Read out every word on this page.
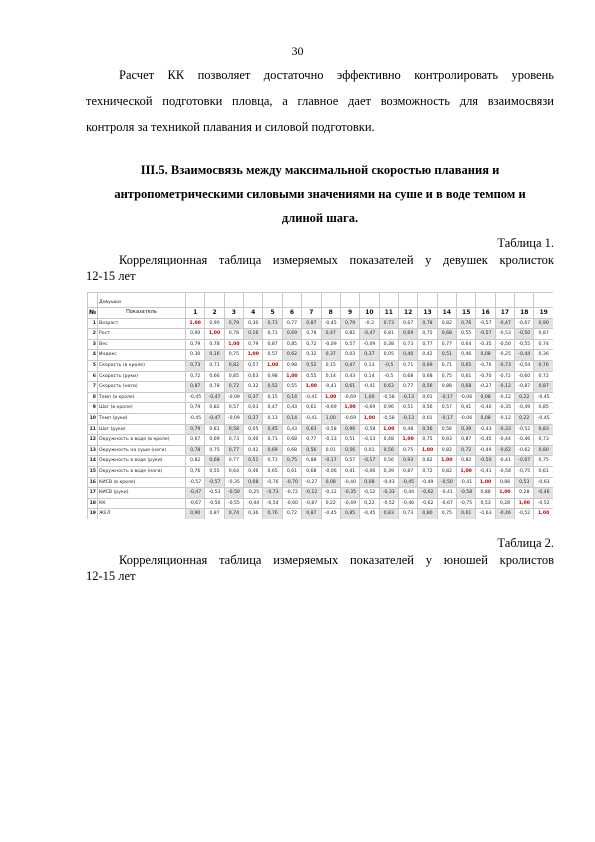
30
Расчет КК позволяет достаточно эффективно контролировать уровень
технической подготовки пловца, а главное дает возможность для взаимосвязи
контроля за техникой плавания и силовой подготовки.
III.5. Взаимосвязь между максимальной скоростью плавания и
антропометрическими силовыми значениями на суше и в воде темпом и
длиной шага.
Таблица 1.
Корреляционная таблица измеряемых показателей у девушек кролисток
12-15 лет
	Девушки																			
№	Показатель	1	2	3	4	5	6	7	8	9	10	11	12	13	14	15	16	17	18	19
1	Возраст	1,00	0,90	0,79	0,30	0,73	0,77	0,87	-0,45	0,79	-0,3	0,73	0,67	0,78	0,82	0,76	-0,57	-0,47	-0,67	0,90
2	Рост	0,90	1,00	0,78	0,16	0,71	0,69	0,78	0,47	0,82	-0,47	0,81	0,69	0,75	0,68	0,55	-0,57	-0,53	-0,50	0,87
3	Вес	0,79	0,78	1,00	0,79	0,87	0,85	0,72	-0,09	0,57	-0,09	0,38	0,73	0,77	0,77	0,64	-0,35	-0,50	-0,55	0,74
4	Индекс	0,30	0,16	0,75	1,00	0,57	0,62	0,32	0,37	0,03	0,37	0,05	0,40	0,42	0,51	0,46	0,08	-0,25	-0,44	0,36
5	Скорость (в кроле)	0,73	0,71	0,82	0,57	1,00	0,98	0,52	0,15	0,47	0,13	-0,5	0,71	0,69	0,71	0,65	-0,76	-0,73	-0,54	0,76
6	Скорость (руки)	0,72	0,66	0,85	0,63	0,98	1,00	0,55	0,14	0,43	0,14	-0,5	0,68	0,68	0,75	0,61	-0,70	-0,72	-0,60	0,72
7	Скорость (ноги)	0,87	0,78	0,72	0,32	0,52	0,55	1,00	-0,41	0,61	-0,41	0,63	0,77	0,56	0,88	0,68	-0,27	-0,12	-0,87	0,87
8	Темп (в кроле)	-0,45	-0,47	-0,09	0,37	0,15	0,14	-0,41	1,00	-0,69	1,00	-0,58	-0,13	0,01	-0,17	-0,06	0,08	-0,12	0,22	-0,45
9	Шаг (в кроле)	0,79	0,82	0,57	0,03	0,47	0,43	0,61	-0,69	1,00	-0,69	0,96	0,51	0,56	0,57	0,41	-0,40	-0,35	-0,49	0,85
10	Темп (руки)	-0,45	-0,47	-0,09	0,37	0,13	0,14	-0,41	1,00	-0,69	1,00	-0,58	-0,13	0,01	-0,17	-0,06	0,08	-0,12	0,22	-0,45
11	Шаг (руки)	0,79	0,81	0,58	0,05	0,45	0,43	0,63	-0,58	0,96	-0,58	1,00	0,48	0,56	0,56	0,39	-0,43	-0,33	-0,52	0,83
12	Окружность в воде (в кроле)	0,67	0,69	0,73	0,40	0,71	0,68	0,77	-0,13	0,51	-0,13	0,48	1,00	0,75	0,93	0,87	-0,45	-0,44	-0,46	0,73
13	Окружность на суше (ноги)	0,78	0,75	0,77	0,42	0,69	0,68	0,56	0,01	0,56	0,01	0,56	0,75	1,00	0,82	0,72	-0,49	-0,62	-0,62	0,80
14	Окружность в воде (руки)	0,82	0,68	0,77	0,51	0,71	0,75	0,88	-0,17	0,57	-0,17	0,56	0,93	0,82	1,00	0,82	-0,50	-0,41	-0,67	0,75
15	Окружность в воде (ноги)	0,76	0,55	0,64	0,46	0,65	0,61	0,68	-0,06	0,41	-0,06	0,39	0,87	0,72	0,82	1,00	-0,41	-0,58	-0,75	0,61
16	КИСВ (в кроле)	-0,57	-0,57	-0,35	0,08	-0,76	-0,70	-0,27	0,08	-0,40	0,08	-0,43	-0,45	-0,49	-0,50	-0,41	1,00	0,88	0,53	-0,63
17	КИСВ (руки)	-0,47	-0,53	-0,50	-0,25	-0,73	-0,72	-0,12	-0,12	-0,35	-0,12	-0,33	-0,44	-0,62	-0,41	-0,58	0,88	1,00	0,28	-0,46
18	КК	-0,67	-0,50	-0,55	-0,44	-0,54	-0,60	-0,87	0,22	-0,49	0,22	-0,52	-0,46	-0,62	-0,67	-0,75	0,53	0,28	1,00	-0,52
19	ЖЕЛ	0,90	0,87	0,74	0,36	0,76	0,72	0,87	-0,45	0,85	-0,45	0,83	0,73	0,80	0,75	0,61	-0,63	-0,46	-0,52	1,00
Таблица 2.
Корреляционная таблица измеряемых показателей у юношей кролистов
12-15 лет
